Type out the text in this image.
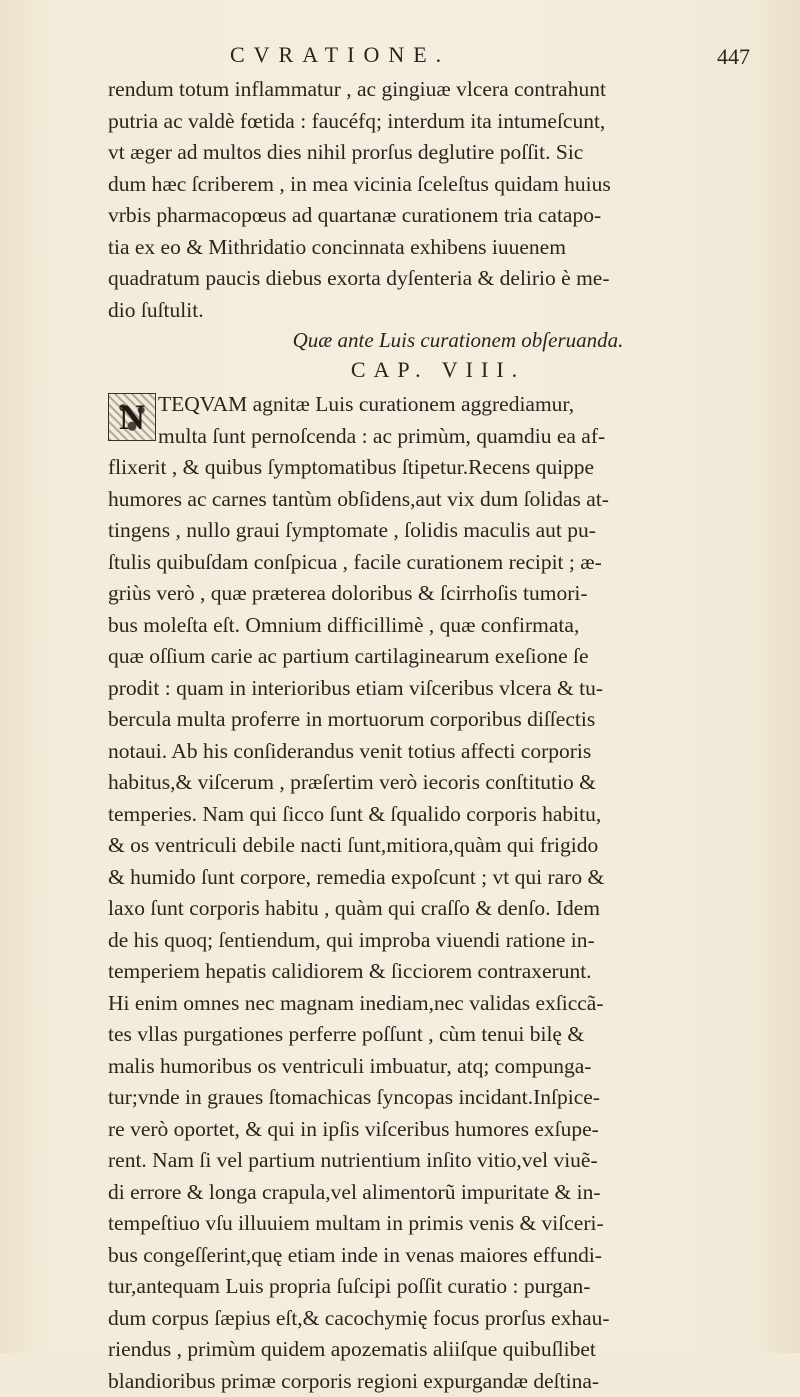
CVRATIONE.	447
rendum totum inflammatur , ac gingiuæ vlcera contrahunt
putria ac valdè fœtida : faucéfq; interdum ita intumeſcunt,
vt æger ad multos dies nihil prorſus deglutire poſſit. Sic
dum hæc ſcriberem , in mea vicinia ſceleſtus quidam huius
vrbis pharmacopœus ad quartanæ curationem tria catapo-
tia ex eo & Mithridatio concinnata exhibens iuuenem
quadratum paucis diebus exorta dyſenteria & delirio è me-
dio ſuſtulit.
Quæ ante Luis curationem obſeruanda.
CAP. VIII.
N TEQVAM agnitæ Luis curationem aggrediamur,
multa ſunt pernoſcenda : ac primùm, quamdiu ea af-
flixerit , & quibus ſymptomatibus ſtipetur.Recens quippe
humores ac carnes tantùm obſidens,aut vix dum ſolidas at-
tingens , nullo graui ſymptomate , ſolidis maculis aut pu-
ſtulis quibuſdam conſpicua , facile curationem recipit ; æ-
griùs verò , quæ præterea doloribus & ſcirrhoſis tumori-
bus moleſta eſt. Omnium difficillimè , quæ confirmata,
quæ oſſium carie ac partium cartilaginearum exeſione ſe
prodit : quam in interioribus etiam viſceribus vlcera & tu-
bercula multa proferre in mortuorum corporibus diſſectis
notaui. Ab his conſiderandus venit totius affecti corporis
habitus,& viſcerum , præſertim verò iecoris conſtitutio &
temperies. Nam qui ſicco ſunt & ſqualido corporis habitu,
& os ventriculi debile nacti ſunt,mitiora,quàm qui frigido
& humido ſunt corpore, remedia expoſcunt ; vt qui raro &
laxo ſunt corporis habitu , quàm qui craſſo & denſo. Idem
de his quoq; ſentiendum, qui improba viuendi ratione in-
temperiem hepatis calidiorem & ſicciorem contraxerunt.
Hi enim omnes nec magnam inediam,nec validas exſiccã-
tes vllas purgationes perferre poſſunt , cùm tenui bilę &
malis humoribus os ventriculi imbuatur, atq; compunga-
tur;vnde in graues ſtomachicas ſyncopas incidant.Inſpice-
re verò oportet, & qui in ipſis viſceribus humores exſupe-
rent. Nam ſi vel partium nutrientium inſito vitio,vel viuẽ-
di errore & longa crapula,vel alimentorũ impuritate & in-
tempeſtiuo vſu illuuiem multam in primis venis & viſceri-
bus congeſſerint,quę etiam inde in venas maiores effundi-
tur,antequam Luis propria ſuſcipi poſſit curatio : purgan-
dum corpus ſæpius eſt,& cacochymię focus prorſus exhau-
riendus , primùm quidem apozematis aliiſque quibuſlibet
blandioribus primæ corporis regioni expurgandæ deſtina-
